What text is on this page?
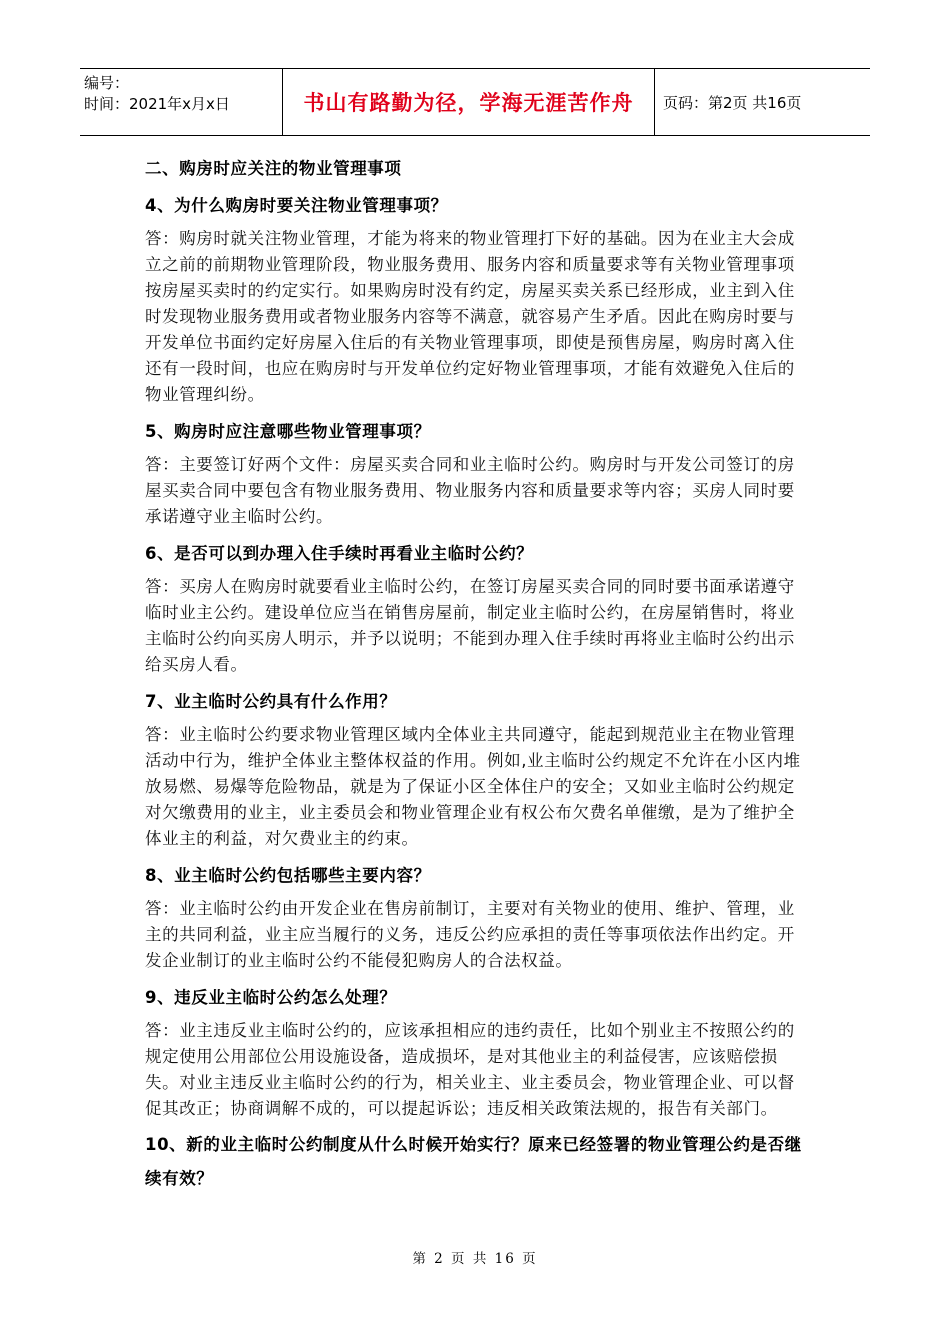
编号：
时间：2021年x月x日	书山有路勤为径，学海无涯苦作舟	页码：第2页 共16页
二、购房时应关注的物业管理事项
4、为什么购房时要关注物业管理事项？
答：购房时就关注物业管理，才能为将来的物业管理打下好的基础。因为在业主大会成立之前的前期物业管理阶段，物业服务费用、服务内容和质量要求等有关物业管理事项按房屋买卖时的约定实行。如果购房时没有约定，房屋买卖关系已经形成，业主到入住时发现物业服务费用或者物业服务内容等不满意，就容易产生矛盾。因此在购房时要与开发单位书面约定好房屋入住后的有关物业管理事项，即使是预售房屋，购房时离入住还有一段时间，也应在购房时与开发单位约定好物业管理事项，才能有效避免入住后的物业管理纠纷。
5、购房时应注意哪些物业管理事项？
答：主要签订好两个文件：房屋买卖合同和业主临时公约。购房时与开发公司签订的房屋买卖合同中要包含有物业服务费用、物业服务内容和质量要求等内容；买房人同时要承诺遵守业主临时公约。
6、是否可以到办理入住手续时再看业主临时公约？
答：买房人在购房时就要看业主临时公约，在签订房屋买卖合同的同时要书面承诺遵守临时业主公约。建设单位应当在销售房屋前，制定业主临时公约，在房屋销售时，将业主临时公约向买房人明示，并予以说明；不能到办理入住手续时再将业主临时公约出示给买房人看。
7、业主临时公约具有什么作用？
答：业主临时公约要求物业管理区域内全体业主共同遵守，能起到规范业主在物业管理活动中行为，维护全体业主整体权益的作用。例如,业主临时公约规定不允许在小区内堆放易燃、易爆等危险物品，就是为了保证小区全体住户的安全；又如业主临时公约规定对欠缴费用的业主，业主委员会和物业管理企业有权公布欠费名单催缴，是为了维护全体业主的利益，对欠费业主的约束。
8、业主临时公约包括哪些主要内容？
答：业主临时公约由开发企业在售房前制订，主要对有关物业的使用、维护、管理，业主的共同利益，业主应当履行的义务，违反公约应承担的责任等事项依法作出约定。开发企业制订的业主临时公约不能侵犯购房人的合法权益。
9、违反业主临时公约怎么处理？
答：业主违反业主临时公约的，应该承担相应的违约责任，比如个别业主不按照公约的规定使用公用部位公用设施设备，造成损坏，是对其他业主的利益侵害，应该赔偿损失。对业主违反业主临时公约的行为，相关业主、业主委员会，物业管理企业、可以督促其改正；协商调解不成的，可以提起诉讼；违反相关政策法规的，报告有关部门。
10、新的业主临时公约制度从什么时候开始实行？原来已经签署的物业管理公约是否继续有效？
第 2 页 共 16 页
